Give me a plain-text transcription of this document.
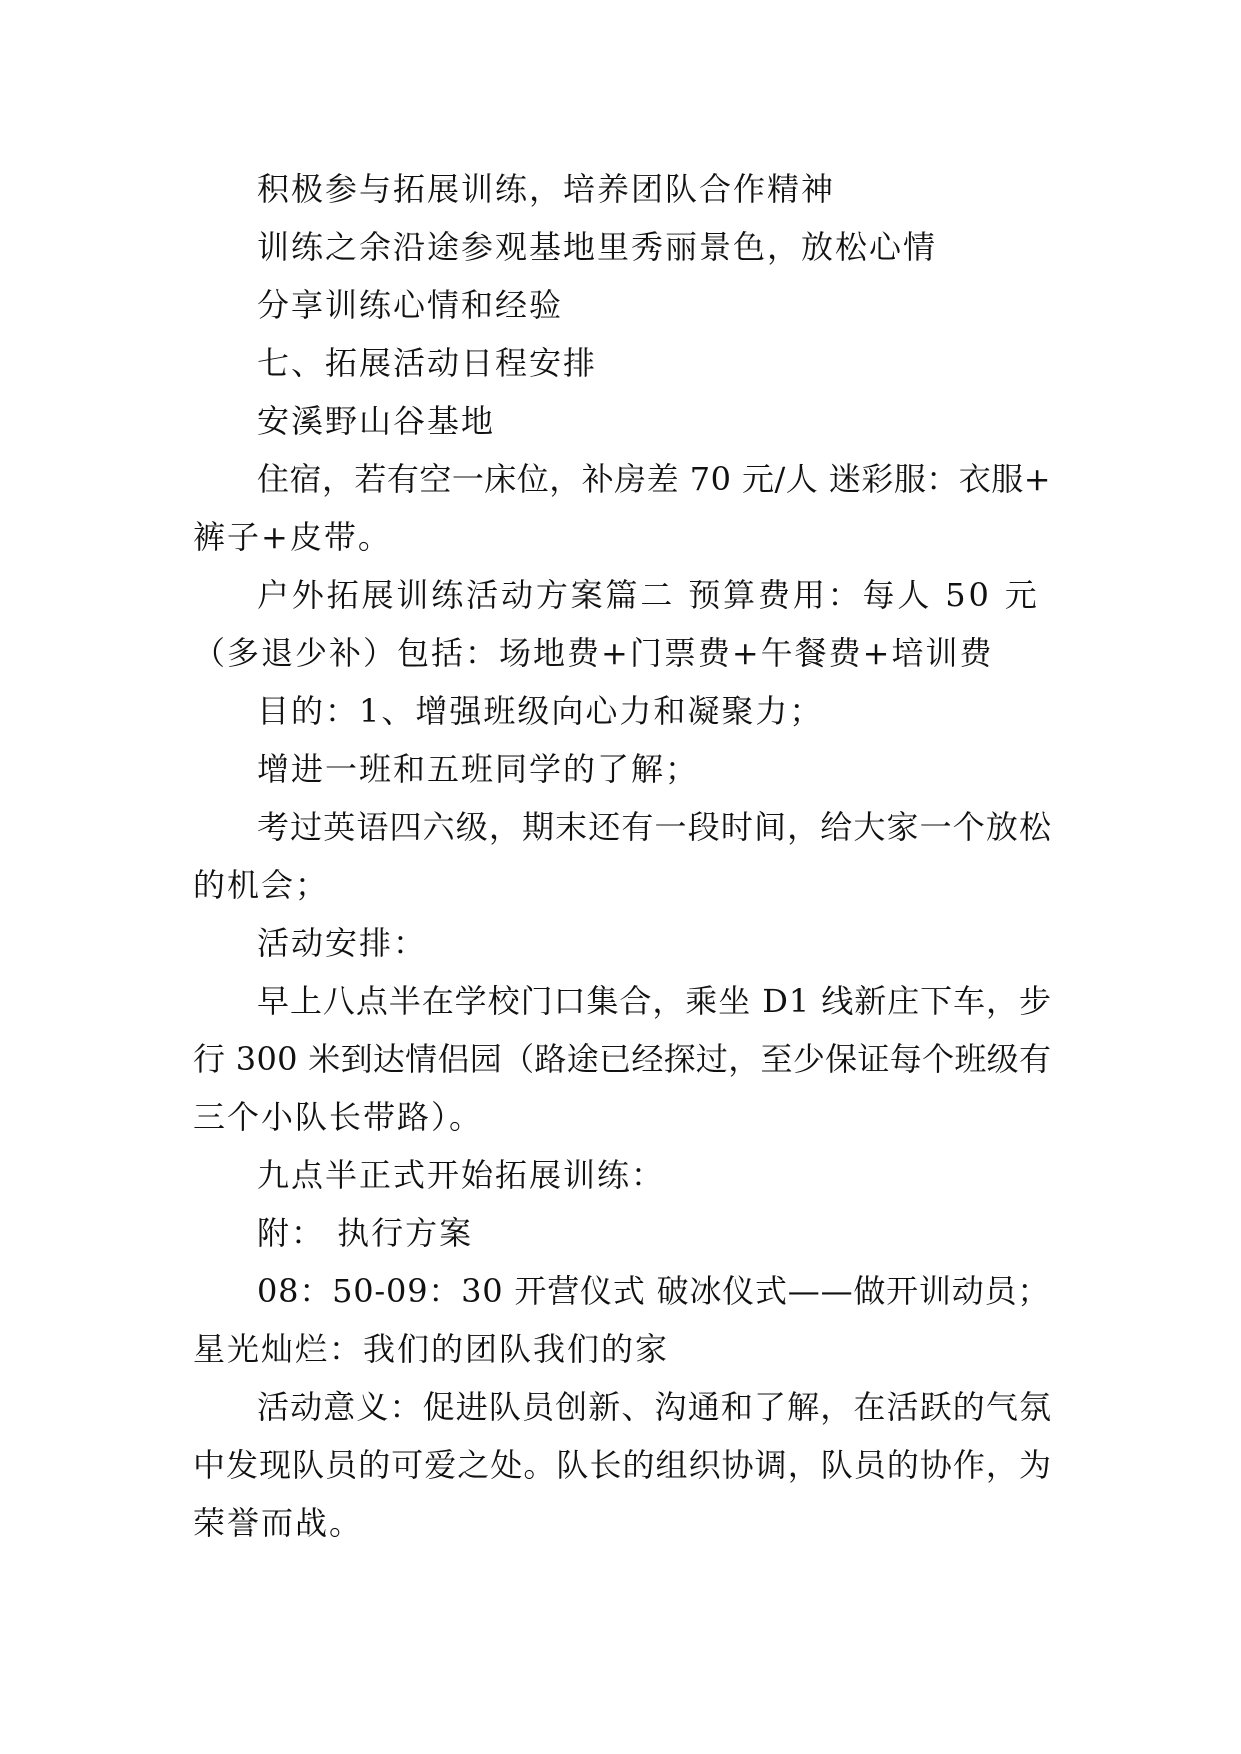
积极参与拓展训练，培养团队合作精神
训练之余沿途参观基地里秀丽景色，放松心情
分享训练心情和经验
七、拓展活动日程安排
安溪野山谷基地
住宿，若有空一床位，补房差 70 元/人 迷彩服：衣服+
裤子+皮带。
户外拓展训练活动方案篇二 预算费用：每人 50 元
（多退少补）包括：场地费+门票费+午餐费+培训费
目的：1、增强班级向心力和凝聚力；
增进一班和五班同学的了解；
考过英语四六级，期末还有一段时间，给大家一个放松
的机会；
活动安排：
早上八点半在学校门口集合，乘坐 D1 线新庄下车，步
行 300 米到达情侣园（路途已经探过，至少保证每个班级有
三个小队长带路）。
九点半正式开始拓展训练：
附： 执行方案
08：50-09：30 开营仪式 破冰仪式——做开训动员；
星光灿烂：我们的团队我们的家
活动意义：促进队员创新、沟通和了解，在活跃的气氛
中发现队员的可爱之处。队长的组织协调，队员的协作，为
荣誉而战。
